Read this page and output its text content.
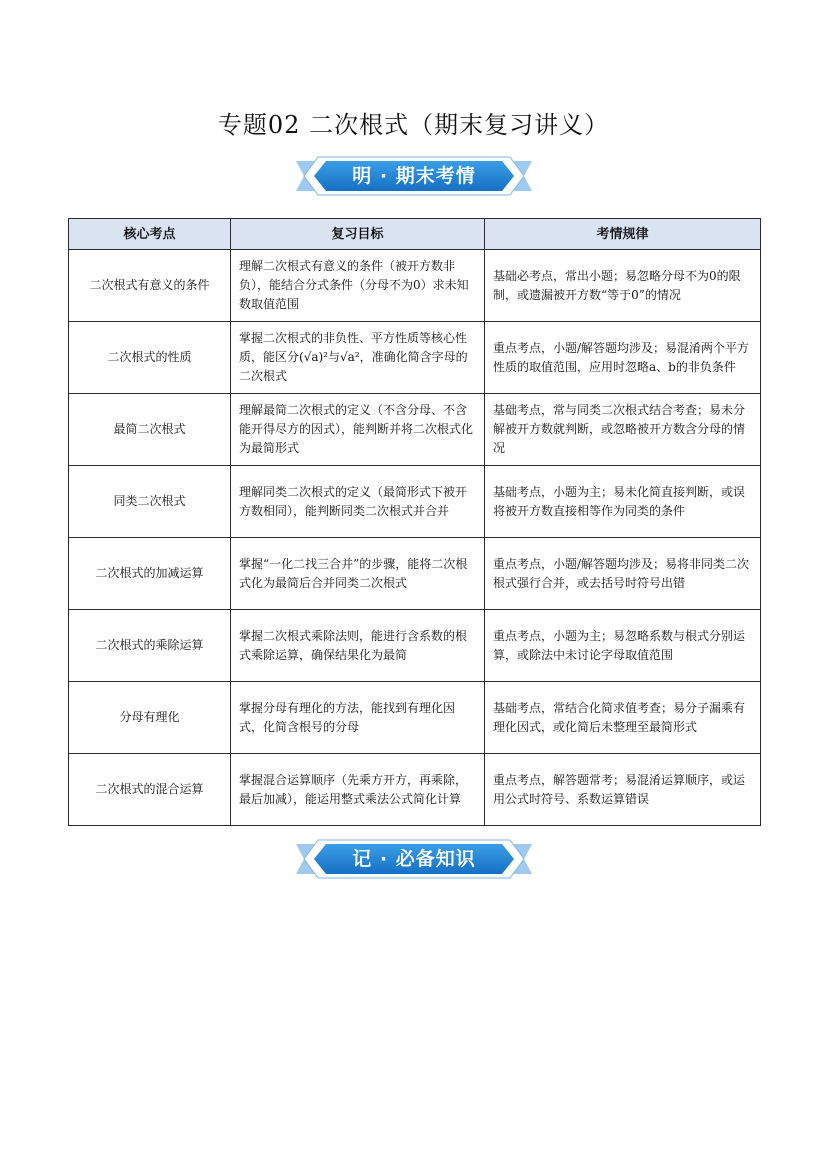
专题02 二次根式（期末复习讲义）
明 · 期末考情
核心考点	复习目标	考情规律
二次根式有意义的条件	理解二次根式有意义的条件（被开方数非负），能结合分式条件（分母不为0）求未知数取值范围	基础必考点，常出小题；易忽略分母不为0的限制，或遗漏被开方数“等于0”的情况
二次根式的性质	掌握二次根式的非负性、平方性质等核心性质，能区分(√a)²与√a²，准确化简含字母的二次根式	重点考点，小题/解答题均涉及；易混淆两个平方性质的取值范围，应用时忽略a、b的非负条件
最简二次根式	理解最简二次根式的定义（不含分母、不含能开得尽方的因式），能判断并将二次根式化为最简形式	基础考点，常与同类二次根式结合考查；易未分解被开方数就判断，或忽略被开方数含分母的情况
同类二次根式	理解同类二次根式的定义（最简形式下被开方数相同），能判断同类二次根式并合并	基础考点，小题为主；易未化简直接判断，或误将被开方数直接相等作为同类的条件
二次根式的加减运算	掌握“一化二找三合并”的步骤，能将二次根式化为最简后合并同类二次根式	重点考点，小题/解答题均涉及；易将非同类二次根式强行合并，或去括号时符号出错
二次根式的乘除运算	掌握二次根式乘除法则，能进行含系数的根式乘除运算，确保结果化为最简	重点考点，小题为主；易忽略系数与根式分别运算，或除法中未讨论字母取值范围
分母有理化	掌握分母有理化的方法，能找到有理化因式，化简含根号的分母	基础考点，常结合化简求值考查；易分子漏乘有理化因式，或化简后未整理至最简形式
二次根式的混合运算	掌握混合运算顺序（先乘方开方，再乘除，最后加减），能运用整式乘法公式简化计算	重点考点，解答题常考；易混淆运算顺序，或运用公式时符号、系数运算错误
记 · 必备知识
